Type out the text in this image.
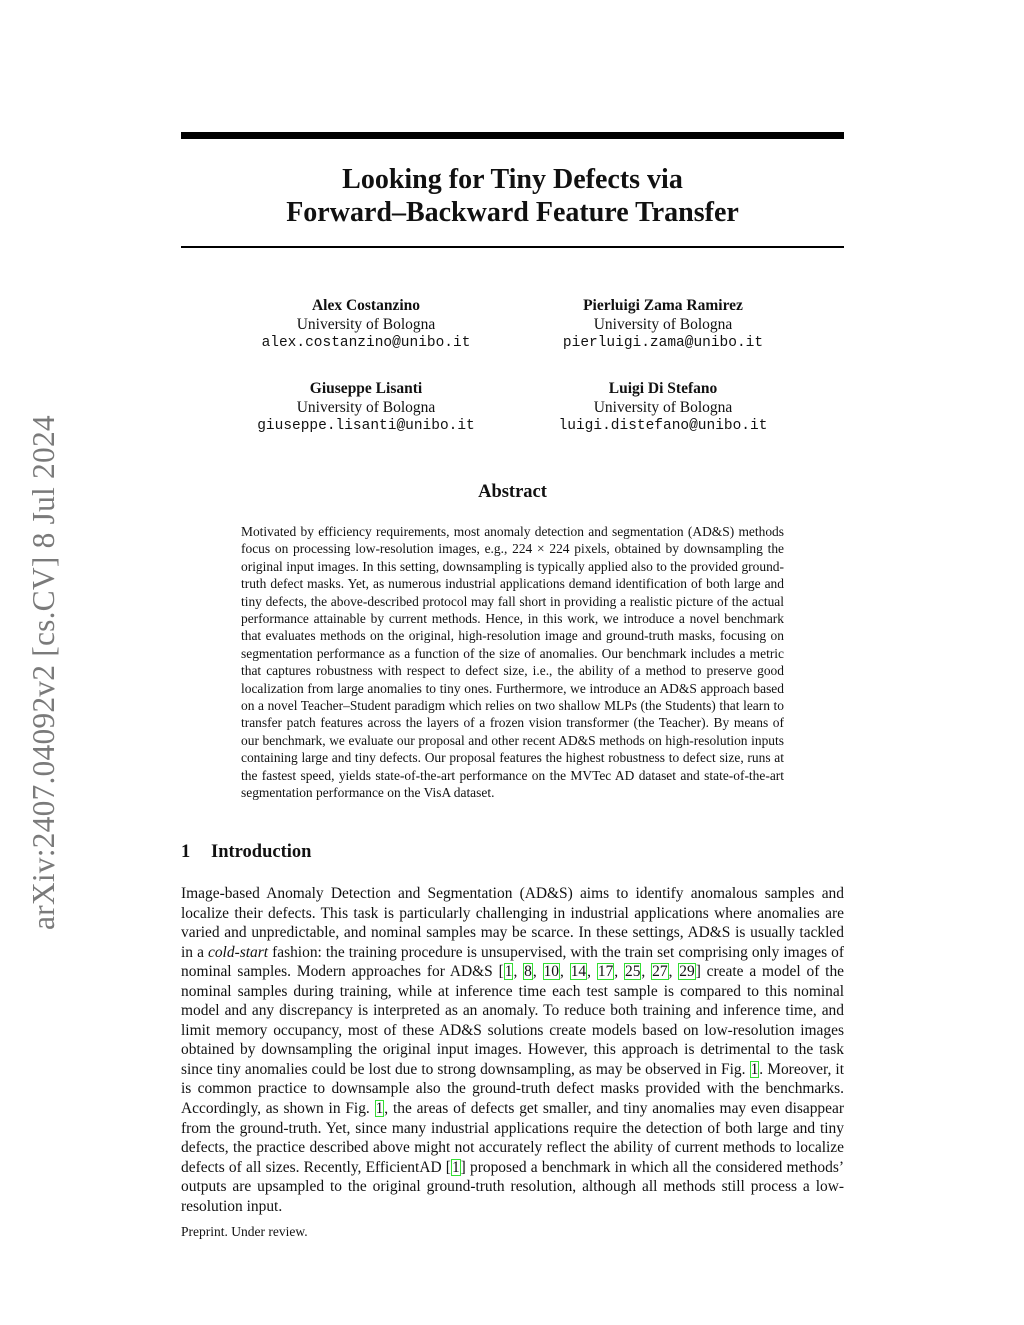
arXiv:2407.04092v2 [cs.CV] 8 Jul 2024
Looking for Tiny Defects via
Forward–Backward Feature Transfer
Alex Costanzino
University of Bologna
alex.costanzino@unibo.it
Pierluigi Zama Ramirez
University of Bologna
pierluigi.zama@unibo.it
Giuseppe Lisanti
University of Bologna
giuseppe.lisanti@unibo.it
Luigi Di Stefano
University of Bologna
luigi.distefano@unibo.it
Abstract

Motivated by efficiency requirements, most anomaly detection and segmentation (AD&S) methods focus on processing low-resolution images, e.g., 224 × 224 pixels, obtained by downsampling the original input images. In this setting, downsampling is typically applied also to the provided ground-truth defect masks. Yet, as numerous industrial applications demand identification of both large and tiny defects, the above-described protocol may fall short in providing a realistic picture of the actual performance attainable by current methods. Hence, in this work, we introduce a novel benchmark that evaluates methods on the original, high-resolution image and ground-truth masks, focusing on segmentation performance as a function of the size of anomalies. Our benchmark includes a metric that captures robustness with respect to defect size, i.e., the ability of a method to preserve good localization from large anomalies to tiny ones. Furthermore, we introduce an AD&S approach based on a novel Teacher–Student paradigm which relies on two shallow MLPs (the Students) that learn to transfer patch features across the layers of a frozen vision transformer (the Teacher). By means of our benchmark, we evaluate our proposal and other recent AD&S methods on high-resolution inputs containing large and tiny defects. Our proposal features the highest robustness to defect size, runs at the fastest speed, yields state-of-the-art performance on the MVTec AD dataset and state-of-the-art segmentation performance on the VisA dataset.

1 Introduction

Image-based Anomaly Detection and Segmentation (AD&S) aims to identify anomalous samples and localize their defects. This task is particularly challenging in industrial applications where anomalies are varied and unpredictable, and nominal samples may be scarce. In these settings, AD&S is usually tackled in a cold-start fashion: the training procedure is unsupervised, with the train set comprising only images of nominal samples. Modern approaches for AD&S [1, 8, 10, 14, 17, 25, 27, 29] create a model of the nominal samples during training, while at inference time each test sample is compared to this nominal model and any discrepancy is interpreted as an anomaly. To reduce both training and inference time, and limit memory occupancy, most of these AD&S solutions create models based on low-resolution images obtained by downsampling the original input images. However, this approach is detrimental to the task since tiny anomalies could be lost due to strong downsampling, as may be observed in Fig. 1. Moreover, it is common practice to downsample also the ground-truth defect masks provided with the benchmarks. Accordingly, as shown in Fig. 1, the areas of defects get smaller, and tiny anomalies may even disappear from the ground-truth. Yet, since many industrial applications require the detection of both large and tiny defects, the practice described above might not accurately reflect the ability of current methods to localize defects of all sizes. Recently, EfficientAD [1] proposed a benchmark in which all the considered methods’ outputs are upsampled to the original ground-truth resolution, although all methods still process a low-resolution input.

Preprint. Under review.
